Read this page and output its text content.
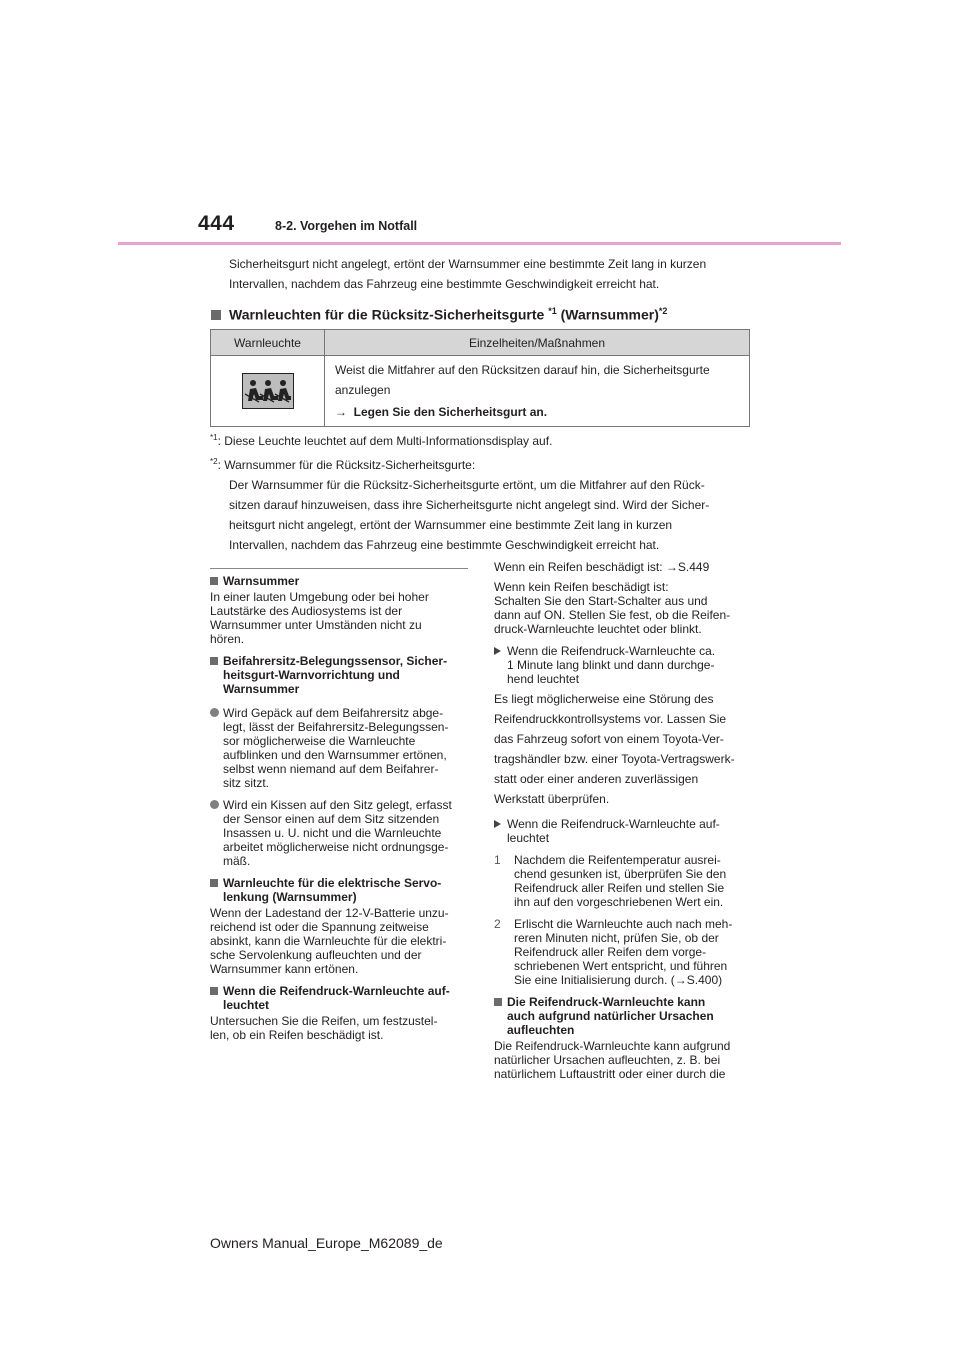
444	8-2. Vorgehen im Notfall
Sicherheitsgurt nicht angelegt, ertönt der Warnsummer eine bestimmte Zeit lang in kurzen
Intervallen, nachdem das Fahrzeug eine bestimmte Geschwindigkeit erreicht hat.
Warnleuchten für die Rücksitz-Sicherheitsgurte $^{*1}$ (Warnsummer)$^{*2}$
Warnleuchte	Einzelheiten/Maßnahmen

Weist die Mitfahrer auf den Rücksitzen darauf hin, die Sicherheitsgurte
anzulegen
→ Legen Sie den Sicherheitsgurt an.
$^{*1}$: Diese Leuchte leuchtet auf dem Multi-Informationsdisplay auf.
$^{*2}$: Warnsummer für die Rücksitz-Sicherheitsgurte:
Der Warnsummer für die Rücksitz-Sicherheitsgurte ertönt, um die Mitfahrer auf den Rück-
sitzen darauf hinzuweisen, dass ihre Sicherheitsgurte nicht angelegt sind. Wird der Sicher-
heitsgurt nicht angelegt, ertönt der Warnsummer eine bestimmte Zeit lang in kurzen
Intervallen, nachdem das Fahrzeug eine bestimmte Geschwindigkeit erreicht hat.

Warnsummer

In einer lauten Umgebung oder bei hoher

Lautstärke des Audiosystems ist der

Warnsummer unter Umständen nicht zu

hören.

Beifahrersitz-Belegungssensor, Sicher-

heitsgurt-Warnvorrichtung und

Warnsummer

Wird Gepäck auf dem Beifahrersitz abge-

legt, lässt der Beifahrersitz-Belegungssen-

sor möglicherweise die Warnleuchte

aufblinken und den Warnsummer ertönen,

selbst wenn niemand auf dem Beifahrer-

sitz sitzt.

Wird ein Kissen auf den Sitz gelegt, erfasst

der Sensor einen auf dem Sitz sitzenden

Insassen u. U. nicht und die Warnleuchte

arbeitet möglicherweise nicht ordnungsge-

mäß.

Warnleuchte für die elektrische Servo-

lenkung (Warnsummer)

Wenn der Ladestand der 12-V-Batterie unzu-

reichend ist oder die Spannung zeitweise

absinkt, kann die Warnleuchte für die elektri-

sche Servolenkung aufleuchten und der

Warnsummer kann ertönen.

Wenn die Reifendruck-Warnleuchte auf-

leuchtet

Untersuchen Sie die Reifen, um festzustel-

len, ob ein Reifen beschädigt ist.

Wenn ein Reifen beschädigt ist: →S.449

Wenn kein Reifen beschädigt ist:

Schalten Sie den Start-Schalter aus und

dann auf ON. Stellen Sie fest, ob die Reifen-

druck-Warnleuchte leuchtet oder blinkt.

Wenn die Reifendruck-Warnleuchte ca.

1 Minute lang blinkt und dann durchge-

hend leuchtet

Es liegt möglicherweise eine Störung des

Reifendruckkontrollsystems vor. Lassen Sie

das Fahrzeug sofort von einem Toyota-Ver-

tragshändler bzw. einer Toyota-Vertragswerk-

statt oder einer anderen zuverlässigen

Werkstatt überprüfen.

Wenn die Reifendruck-Warnleuchte auf-

leuchtet

1 Nachdem die Reifentemperatur ausrei-

chend gesunken ist, überprüfen Sie den

Reifendruck aller Reifen und stellen Sie

ihn auf den vorgeschriebenen Wert ein.

2 Erlischt die Warnleuchte auch nach meh-

reren Minuten nicht, prüfen Sie, ob der

Reifendruck aller Reifen dem vorge-

schriebenen Wert entspricht, und führen

Sie eine Initialisierung durch. (→S.400)

Die Reifendruck-Warnleuchte kann

auch aufgrund natürlicher Ursachen

aufleuchten

Die Reifendruck-Warnleuchte kann aufgrund

natürlicher Ursachen aufleuchten, z. B. bei

natürlichem Luftaustritt oder einer durch die

Owners Manual_Europe_M62089_de
